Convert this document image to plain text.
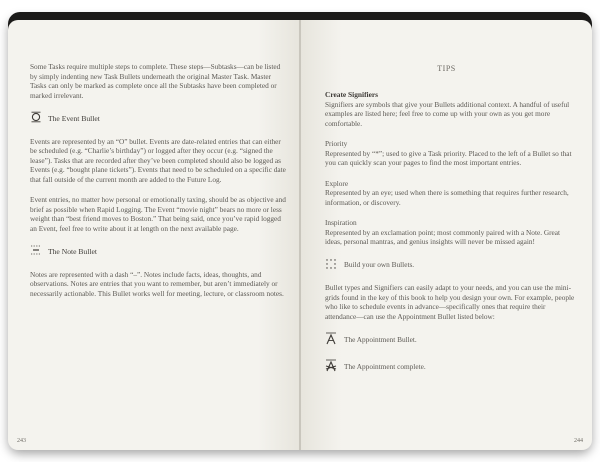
Some Tasks require multiple steps to complete. These steps—Subtasks—can be listed by simply indenting new Task Bullets underneath the original Master Task. Master Tasks can only be marked as complete once all the Subtasks have been completed or marked irrelevant.

The Event Bullet

Events are represented by an “O” bullet. Events are date-related entries that can either be scheduled (e.g. “Charlie’s birthday”) or logged after they occur (e.g. “signed the lease”). Tasks that are recorded after they’ve been completed should also be logged as Events (e.g. “bought plane tickets”). Events that need to be scheduled on a specific date that fall outside of the current month are added to the Future Log.

Event entries, no matter how personal or emotionally taxing, should be as objective and brief as possible when Rapid Logging. The Event “movie night” bears no more or less weight than “best friend moves to Boston.” That being said, once you’ve rapid logged an Event, feel free to write about it at length on the next available page.

The Note Bullet

Notes are represented with a dash “–”. Notes include facts, ideas, thoughts, and observations. Notes are entries that you want to remember, but aren’t immediately or necessarily actionable. This Bullet works well for meeting, lecture, or classroom notes.

243
TIPS
Create Signifiers

Signifiers are symbols that give your Bullets additional context. A handful of useful examples are listed here; feel free to come up with your own as you get more comfortable.

Priority

Represented by “*”; used to give a Task priority. Placed to the left of a Bullet so that you can quickly scan your pages to find the most important entries.

Explore

Represented by an eye; used when there is something that requires further research, information, or discovery.

Inspiration

Represented by an exclamation point; most commonly paired with a Note. Great ideas, personal mantras, and genius insights will never be missed again!

Build your own Bullets.

Bullet types and Signifiers can easily adapt to your needs, and you can use the mini-grids found in the key of this book to help you design your own. For example, people who like to schedule events in advance—specifically ones that require their attendance—can use the Appointment Bullet listed below:

The Appointment Bullet.
The Appointment complete.
244
